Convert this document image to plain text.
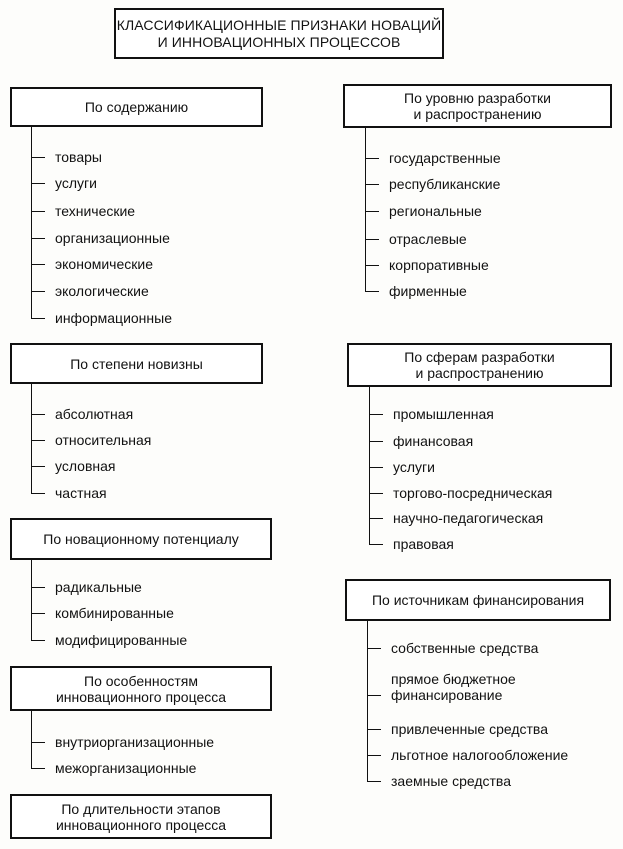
КЛАССИФИКАЦИОННЫЕ ПРИЗНАКИ НОВАЦИЙ
И ИННОВАЦИОННЫХ ПРОЦЕССОВ
По содержанию
товары
услуги
технические
организационные
экономические
экологические
информационные
По степени новизны
абсолютная
относительная
условная
частная
По новационному потенциалу
радикальные
комбинированные
модифицированные
По особенностям
инновационного процесса
внутриорганизационные
межорганизационные
По длительности этапов
инновационного процесса
По уровню разработки
и распространению
государственные
республиканские
региональные
отраслевые
корпоративные
фирменные
По сферам разработки
и распространению
промышленная
финансовая
услуги
торгово-посредническая
научно-педагогическая
правовая
По источникам финансирования
собственные средства
прямое бюджетное
финансирование
привлеченные средства
льготное налогообложение
заемные средства
